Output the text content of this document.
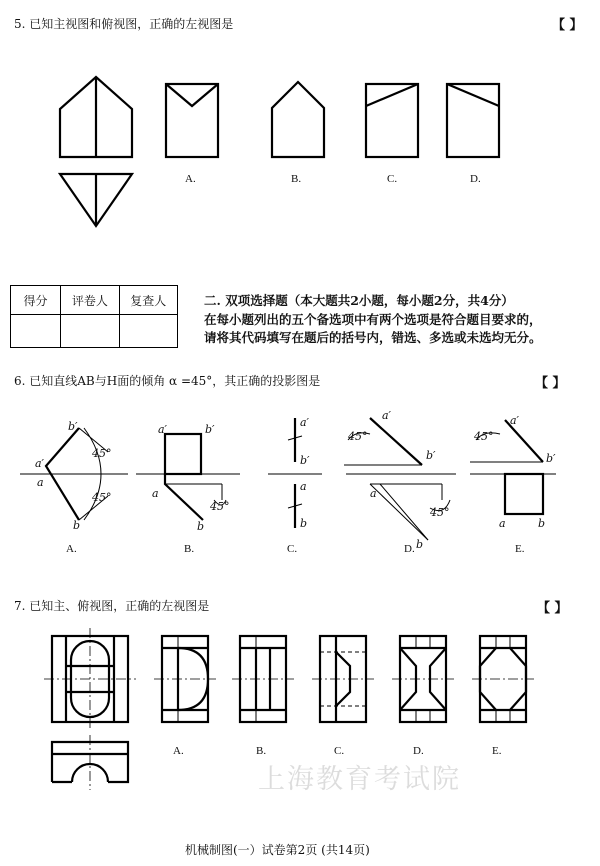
5. 已知主视图和俯视图，正确的左视图是	【 】
A.	B.	C.	D.
得分	评卷人	复查人
			二. 双项选择题（本大题共2小题，每小题2分，共4分）
在每小题列出的五个备选项中有两个选项是符合题目要求的，
请将其代码填写在题后的括号内，错选、多选或未选均无分。
6. 已知直线AB与H面的倾角 α =45°，其正确的投影图是	【 】
b′
a′
a
b
45°
45°
a′	b′
a
b
45°
a′
b′
a
b
a′
b′
a
b
45°
45°
a′
b′
a	b
45°
A.	B.	C.	D.	E.
7. 已知主、俯视图，正确的左视图是	【 】
A.	B.	C.	D.	E.
上海教育考试院
机械制图(一）试卷第2页 (共14页)
